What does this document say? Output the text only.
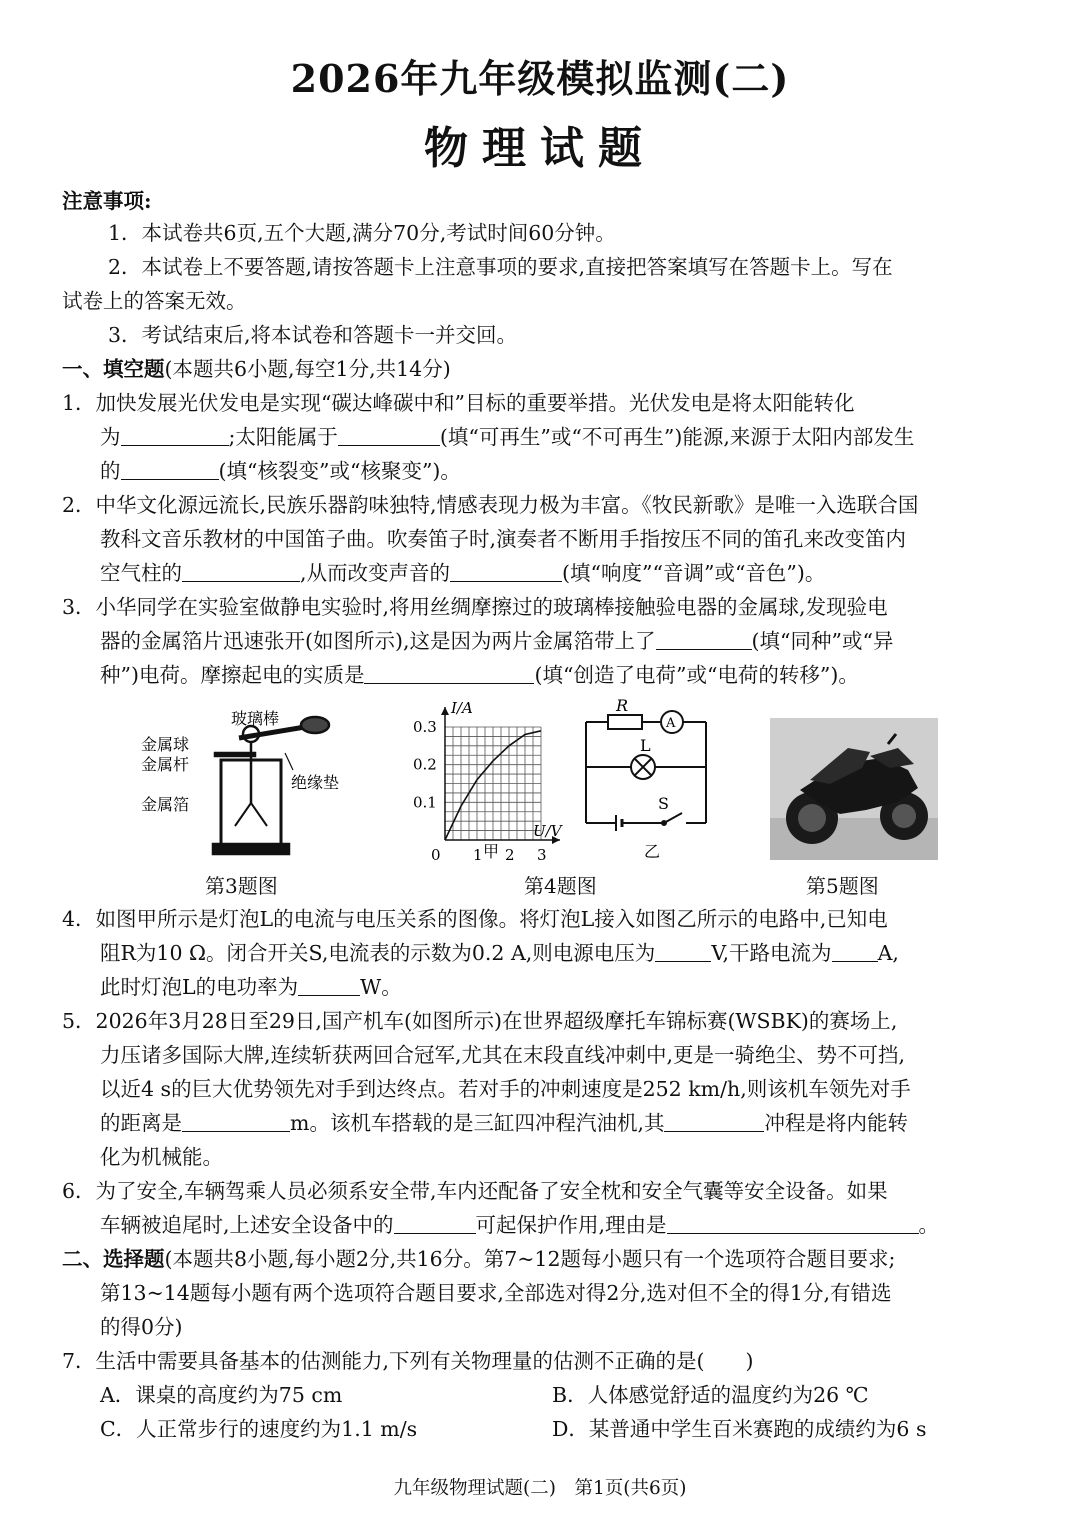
2026年九年级模拟监测(二)
物理试题
注意事项:
1．本试卷共6页,五个大题,满分70分,考试时间60分钟。
2．本试卷上不要答题,请按答题卡上注意事项的要求,直接把答案填写在答题卡上。写在
试卷上的答案无效。
3．考试结束后,将本试卷和答题卡一并交回。
一、填空题(本题共6小题,每空1分,共14分)
1．加快发展光伏发电是实现“碳达峰碳中和”目标的重要举措。光伏发电是将太阳能转化
为	;太阳能属于	(填“可再生”或“不可再生”)能源,来源于太阳内部发生
的	(填“核裂变”或“核聚变”)。
2．中华文化源远流长,民族乐器韵味独特,情感表现力极为丰富。《牧民新歌》是唯一入选联合国
教科文音乐教材的中国笛子曲。吹奏笛子时,演奏者不断用手指按压不同的笛孔来改变笛内
空气柱的	,从而改变声音的	(填“响度”“音调”或“音色”)。
3．小华同学在实验室做静电实验时,将用丝绸摩擦过的玻璃棒接触验电器的金属球,发现验电
器的金属箔片迅速张开(如图所示),这是因为两片金属箔带上了	(填“同种”或“异
种”)电荷。摩擦起电的实质是	(填“创造了电荷”或“电荷的转移”)。
玻璃棒
金属球
金属杆
绝缘垫
金属箔
第3题图
0 1 2 3
0.1
0.2
0.3
I/A
U/V
甲
R
A
L
S
乙
第4题图	第5题图
4．如图甲所示是灯泡L的电流与电压关系的图像。将灯泡L接入如图乙所示的电路中,已知电
阻R为10 Ω。闭合开关S,电流表的示数为0.2 A,则电源电压为	V,干路电流为 A,
此时灯泡L的电功率为	W。
5．2026年3月28日至29日,国产机车(如图所示)在世界超级摩托车锦标赛(WSBK)的赛场上,
力压诸多国际大牌,连续斩获两回合冠军,尤其在末段直线冲刺中,更是一骑绝尘、势不可挡,
以近4 s的巨大优势领先对手到达终点。若对手的冲刺速度是252 km/h,则该机车领先对手
的距离是	m。该机车搭载的是三缸四冲程汽油机,其	冲程是将内能转
化为机械能。
6．为了安全,车辆驾乘人员必须系安全带,车内还配备了安全枕和安全气囊等安全设备。如果
车辆被追尾时,上述安全设备中的	可起保护作用,理由是	。
二、选择题(本题共8小题,每小题2分,共16分。第7~12题每小题只有一个选项符合题目要求;
第13~14题每小题有两个选项符合题目要求,全部选对得2分,选对但不全的得1分,有错选
的得0分)
7．生活中需要具备基本的估测能力,下列有关物理量的估测不正确的是(　　)
A．课桌的高度约为75 cm	B．人体感觉舒适的温度约为26 ℃
C．人正常步行的速度约为1.1 m/s	D．某普通中学生百米赛跑的成绩约为6 s
九年级物理试题(二)　第1页(共6页)
